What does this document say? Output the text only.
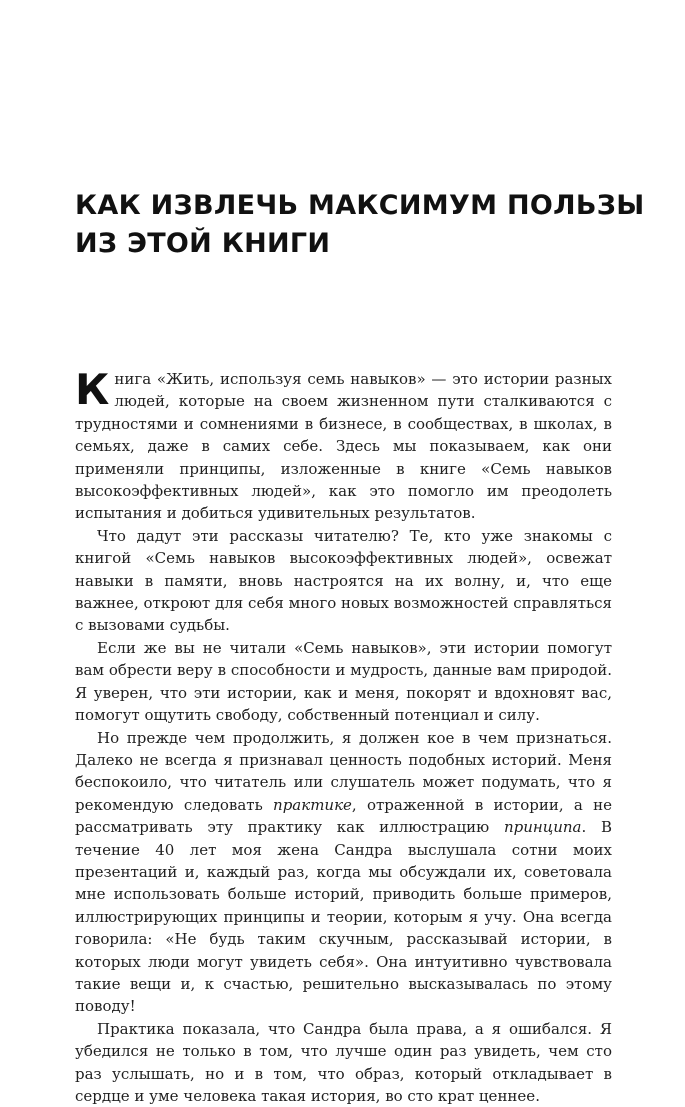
КАК ИЗВЛЕЧЬ МАКСИМУМ ПОЛЬЗЫ
ИЗ ЭТОЙ КНИГИ

Книга «Жить, используя семь навыков» — это истории разных людей, которые на своем жизненном пути сталкиваются с трудностями и сомнениями в бизнесе, в сообществах, в школах, в семьях, даже в самих себе. Здесь мы показываем, как они применяли принципы, изложенные в книге «Семь навыков высокоэффективных людей», как это помогло им преодолеть испытания и добиться удивительных результатов.

Что дадут эти рассказы читателю? Те, кто уже знакомы с книгой «Семь навыков высокоэффективных людей», освежат навыки в памяти, вновь настроятся на их волну, и, что еще важнее, откроют для себя много новых возможностей справляться с вызовами судьбы.

Если же вы не читали «Семь навыков», эти истории помогут вам обрести веру в способности и мудрость, данные вам природой. Я уверен, что эти истории, как и меня, покорят и вдохновят вас, помогут ощутить свободу, собственный потенциал и силу.

Но прежде чем продолжить, я должен кое в чем признаться. Далеко не всегда я признавал ценность подобных историй. Меня беспокоило, что читатель или слушатель может подумать, что я рекомендую следовать практике, отраженной в истории, а не рассматривать эту практику как иллюстрацию принципа. В течение 40 лет моя жена Сандра выслушала сотни моих презентаций и, каждый раз, когда мы обсуждали их, советовала мне использовать больше историй, приводить больше примеров, иллюстрирующих принципы и теории, которым я учу. Она всегда говорила: «Не будь таким скучным, рассказывай истории, в которых люди могут увидеть себя». Она интуитивно чувствовала такие вещи и, к счастью, решительно высказывалась по этому поводу!

Практика показала, что Сандра была права, а я ошибался. Я убедился не только в том, что лучше один раз увидеть, чем сто раз услышать, но и в том, что образ, который откладывает в сердце и уме человека такая история, во сто крат ценнее.
